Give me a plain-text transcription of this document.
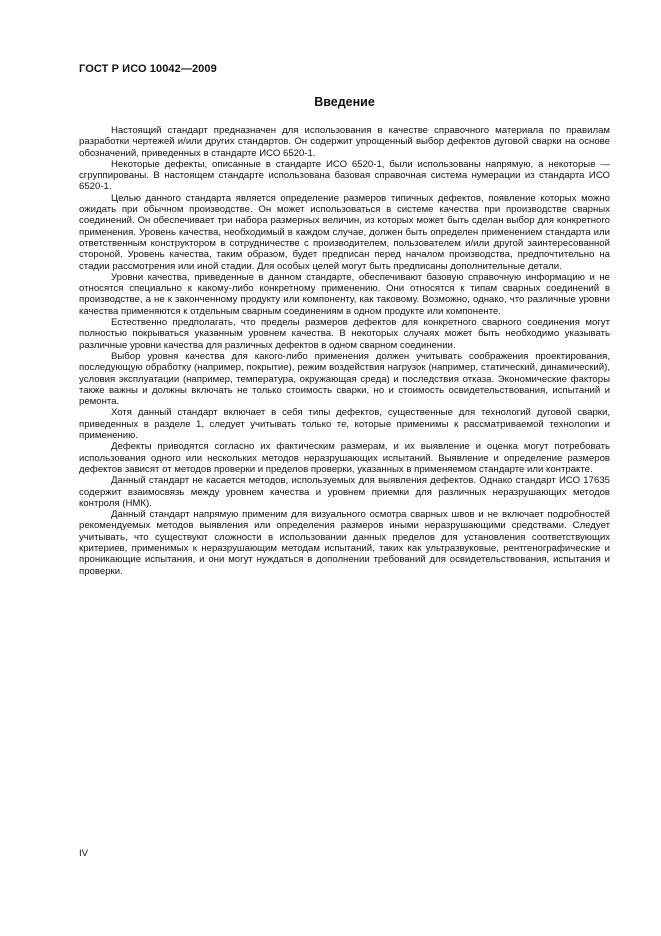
ГОСТ Р ИСО 10042—2009
Введение

Настоящий стандарт предназначен для использования в качестве справочного материала по правилам разработки чертежей и/или других стандартов. Он содержит упрощенный выбор дефектов дуговой сварки на основе обозначений, приведенных в стандарте ИСО 6520-1.

Некоторые дефекты, описанные в стандарте ИСО 6520-1, были использованы напрямую, а некоторые — сгруппированы. В настоящем стандарте использована базовая справочная система нумерации из стандарта ИСО 6520-1.

Целью данного стандарта является определение размеров типичных дефектов, появление которых можно ожидать при обычном производстве. Он может использоваться в системе качества при производстве сварных соединений. Он обеспечивает три набора размерных величин, из которых может быть сделан выбор для конкретного применения. Уровень качества, необходимый в каждом случае, должен быть определен применением стандарта или ответственным конструктором в сотрудничестве с производителем, пользователем и/или другой заинтересованной стороной. Уровень качества, таким образом, будет предписан перед началом производства, предпочтительно на стадии рассмотрения или иной стадии. Для особых целей могут быть предписаны дополнительные детали.

Уровни качества, приведенные в данном стандарте, обеспечивают базовую справочную информацию и не относятся специально к какому-либо конкретному применению. Они относятся к типам сварных соединений в производстве, а не к законченному продукту или компоненту, как таковому. Возможно, однако, что различные уровни качества применяются к отдельным сварным соединениям в одном продукте или компоненте.

Естественно предполагать, что пределы размеров дефектов для конкретного сварного соединения могут полностью покрываться указанным уровнем качества. В некоторых случаях может быть необходимо указывать различные уровни качества для различных дефектов в одном сварном соединении.

Выбор уровня качества для какого-либо применения должен учитывать соображения проектирования, последующую обработку (например, покрытие), режим воздействия нагрузок (например, статический, динамический), условия эксплуатации (например, температура, окружающая среда) и последствия отказа. Экономические факторы также важны и должны включать не только стоимость сварки, но и стоимость освидетельствования, испытаний и ремонта.

Хотя данный стандарт включает в себя типы дефектов, существенные для технологий дуговой сварки, приведенных в разделе 1, следует учитывать только те, которые применимы к рассматриваемой технологии и применению.

Дефекты приводятся согласно их фактическим размерам, и их выявление и оценка могут потребовать использования одного или нескольких методов неразрушающих испытаний. Выявление и определение размеров дефектов зависят от методов проверки и пределов проверки, указанных в применяемом стандарте или контракте.

Данный стандарт не касается методов, используемых для выявления дефектов. Однако стандарт ИСО 17635 содержит взаимосвязь между уровнем качества и уровнем приемки для различных неразрушающих методов контроля (НМК).

Данный стандарт напрямую применим для визуального осмотра сварных швов и не включает подробностей рекомендуемых методов выявления или определения размеров иными неразрушающими средствами. Следует учитывать, что существуют сложности в использовании данных пределов для установления соответствующих критериев, применимых к неразрушающим методам испытаний, таких как ультразвуковые, рентгенографические и проникающие испытания, и они могут нуждаться в дополнении требований для освидетельствования, испытания и проверки.

IV
